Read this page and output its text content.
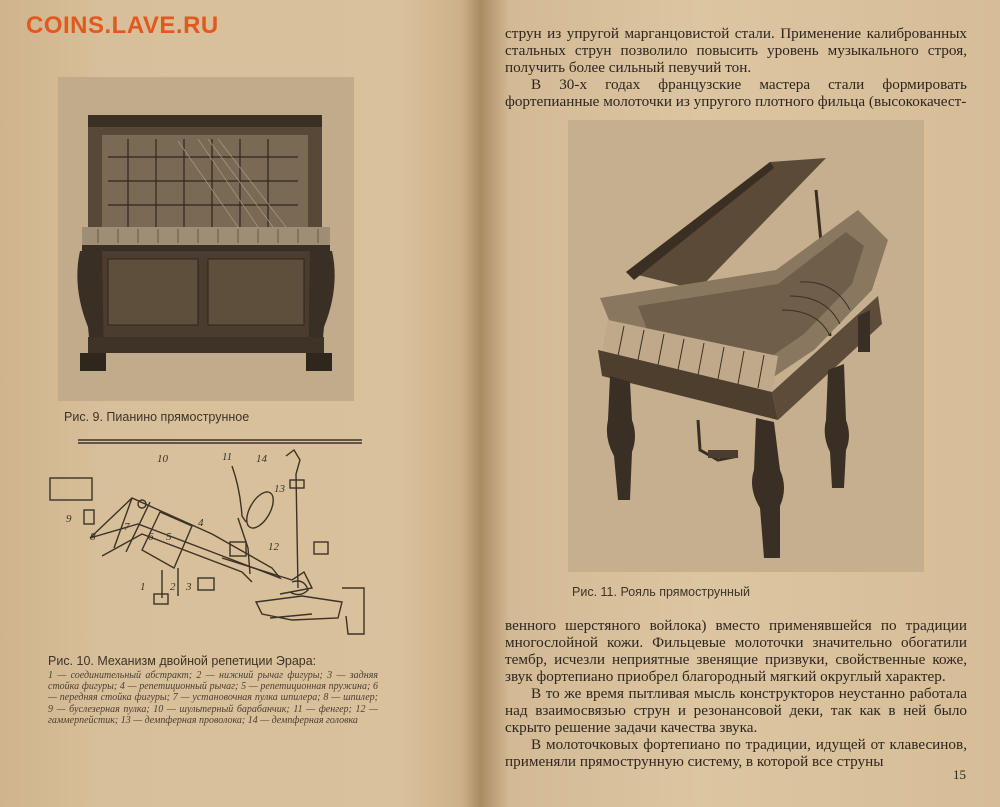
COINS.LAVE.RU
Рис. 9. Пианино прямострунное
10	11 14
13
9
8
7
6 5
4
12
1 2 3
Рис. 10. Механизм двойной репетиции Эрара:
1 — соединительный абстракт; 2 — нижний рычаг фигуры; 3 — задняя стойка фигуры; 4 — репетиционный рычаг; 5 — репетиционная пружина; 6 — передняя стойка фигуры; 7 — установочная пулка шпилера; 8 — шпилер; 9 — буслезерная пулка; 10 — шультерный барабанчик; 11 — фенгер; 12 — гаммерпейстик; 13 — демпферная проволока; 14 — демпферная головка

струн из упругой марганцовистой стали. Применение калиброванных стальных струн позволило повысить уровень музыкального строя, получить более сильный певучий тон.

В 30-х годах французские мастера стали формировать фортепианные молоточки из упругого плотного фильца (высококачест-

Рис. 11. Рояль прямострунный

венного шерстяного войлока) вместо применявшейся по традиции многослойной кожи. Фильцевые молоточки значительно обогатили тембр, исчезли неприятные звенящие призвуки, свойственные коже, звук фортепиано приобрел благородный мягкий округлый характер.

В то же время пытливая мысль конструкторов неустанно работала над взаимосвязью струн и резонансовой деки, так как в ней было скрыто решение задачи качества звука.

В молоточковых фортепиано по традиции, идущей от клавесинов, применяли прямострунную систему, в которой все струны

15
